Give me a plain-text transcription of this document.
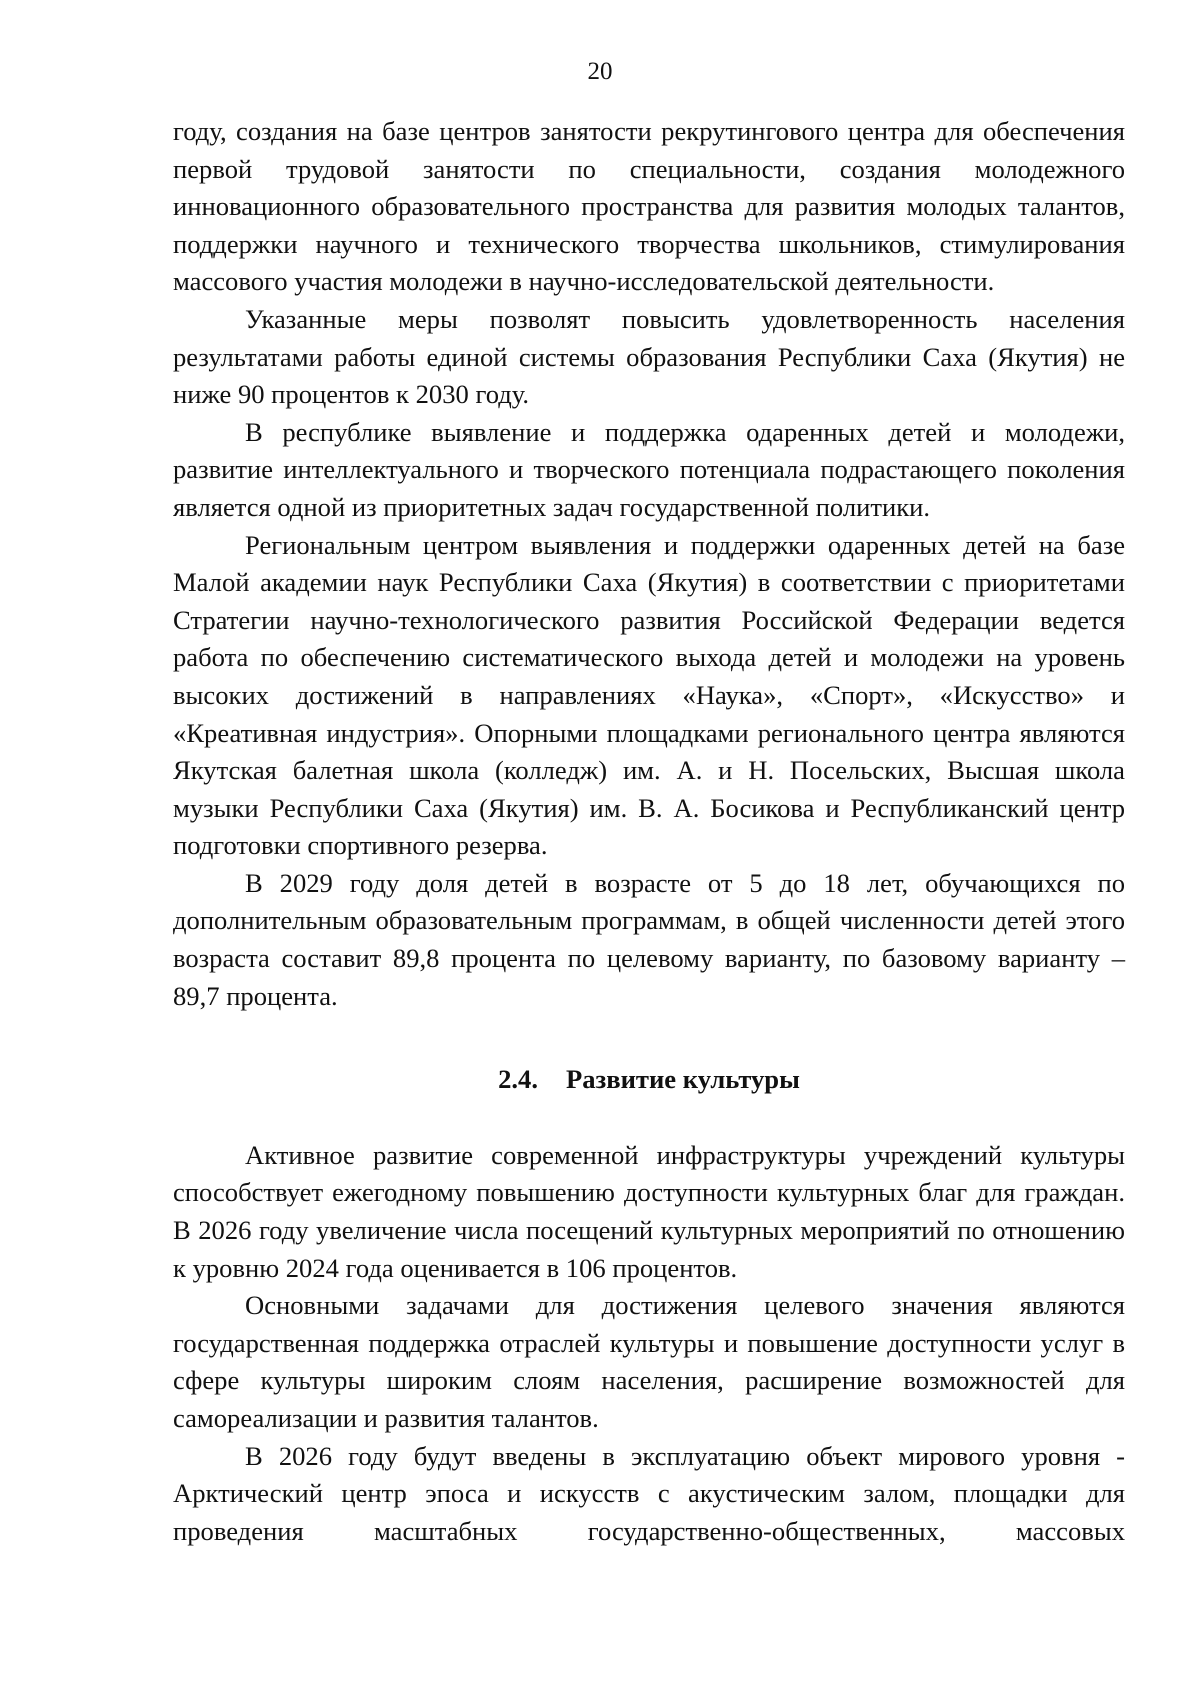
20

году, создания на базе центров занятости рекрутингового центра для обеспечения первой трудовой занятости по специальности, создания молодежного инновационного образовательного пространства для развития молодых талантов, поддержки научного и технического творчества школьников, стимулирования массового участия молодежи в научно-исследовательской деятельности.

Указанные меры позволят повысить удовлетворенность населения результатами работы единой системы образования Республики Саха (Якутия) не ниже 90 процентов к 2030 году.

В республике выявление и поддержка одаренных детей и молодежи, развитие интеллектуального и творческого потенциала подрастающего поколения является одной из приоритетных задач государственной политики.

Региональным центром выявления и поддержки одаренных детей на базе Малой академии наук Республики Саха (Якутия) в соответствии с приоритетами Стратегии научно-технологического развития Российской Федерации ведется работа по обеспечению систематического выхода детей и молодежи на уровень высоких достижений в направлениях «Наука», «Спорт», «Искусство» и «Креативная индустрия». Опорными площадками регионального центра являются Якутская балетная школа (колледж) им. А. и Н. Посельских, Высшая школа музыки Республики Саха (Якутия) им. В. А. Босикова и Республиканский центр подготовки спортивного резерва.

В 2029 году доля детей в возрасте от 5 до 18 лет, обучающихся по дополнительным образовательным программам, в общей численности детей этого возраста составит 89,8 процента по целевому варианту, по базовому варианту – 89,7 процента.

2.4. Развитие культуры

Активное развитие современной инфраструктуры учреждений культуры способствует ежегодному повышению доступности культурных благ для граждан. В 2026 году увеличение числа посещений культурных мероприятий по отношению к уровню 2024 года оценивается в 106 процентов.

Основными задачами для достижения целевого значения являются государственная поддержка отраслей культуры и повышение доступности услуг в сфере культуры широким слоям населения, расширение возможностей для самореализации и развития талантов.

В 2026 году будут введены в эксплуатацию объект мирового уровня - Арктический центр эпоса и искусств с акустическим залом, площадки для проведения масштабных государственно-общественных, массовых
